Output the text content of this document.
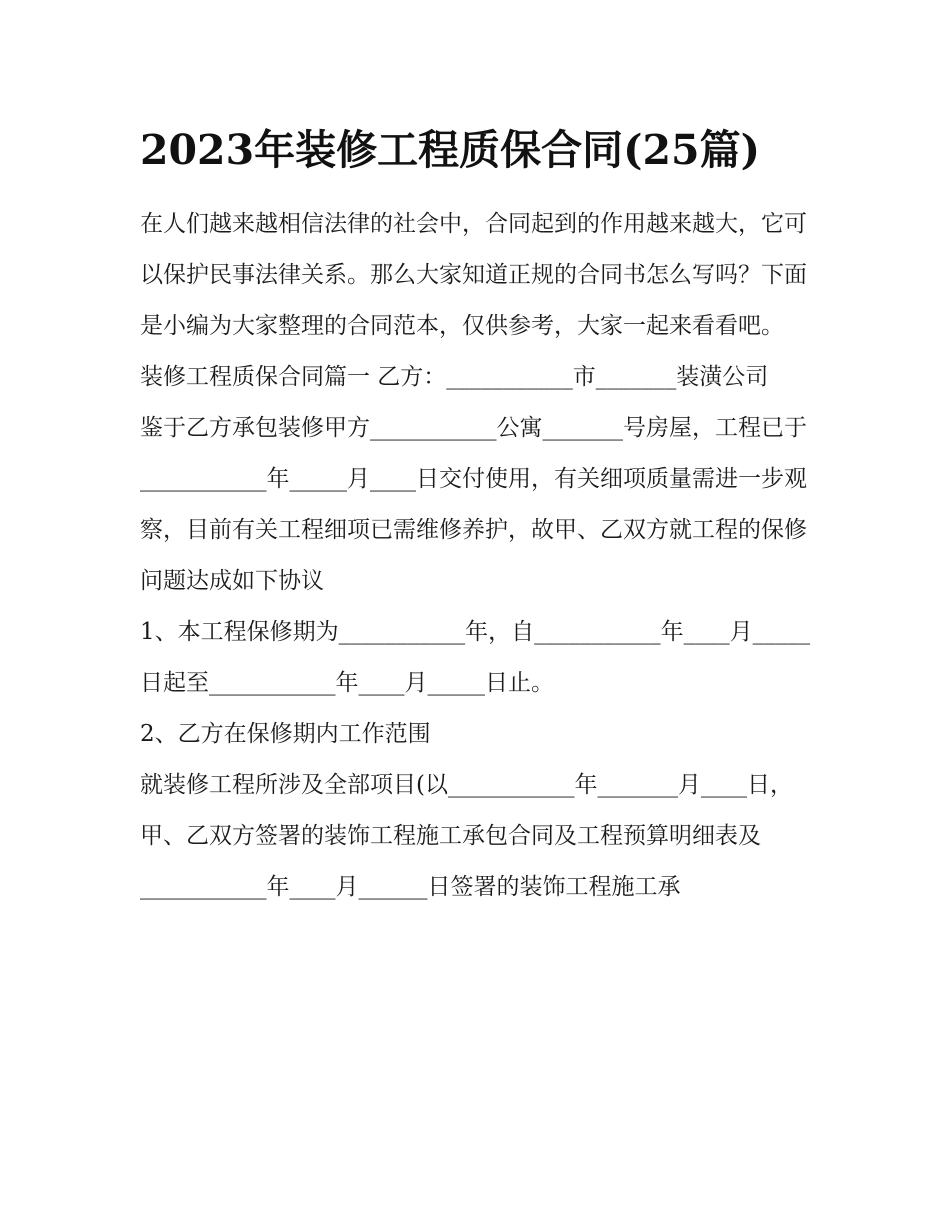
2023年装修工程质保合同(25篇)

在人们越来越相信法律的社会中，合同起到的作用越来越大，它可以保护民事法律关系。那么大家知道正规的合同书怎么写吗？下面是小编为大家整理的合同范本，仅供参考，大家一起来看看吧。

装修工程质保合同篇一 乙方：___________市_______装潢公司

鉴于乙方承包装修甲方___________公寓_______号房屋，工程已于___________年_____月____日交付使用，有关细项质量需进一步观察，目前有关工程细项已需维修养护，故甲、乙双方就工程的保修问题达成如下协议

1、本工程保修期为___________年，自___________年____月_____日起至___________年____月_____日止。

2、乙方在保修期内工作范围

就装修工程所涉及全部项目(以___________年_______月____日，甲、乙双方签署的装饰工程施工承包合同及工程预算明细表及___________年____月______日签署的装饰工程施工承
